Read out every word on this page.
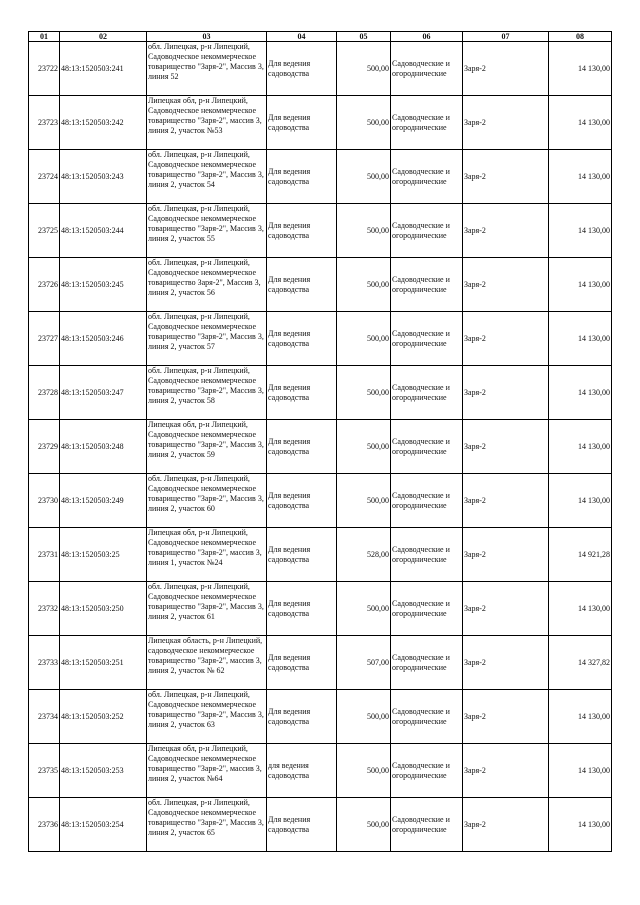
01	02	03	04	05	06	07	08
23722	48:13:1520503:241	обл. Липецкая, р-н Липецкий, Садоводческое некоммерческое товарищество "Заря-2", Массив 3, линия 52	Для ведения садоводства	500,00	Садоводческие и огороднические	Заря-2	14 130,00
23723	48:13:1520503:242	Липецкая обл, р-н Липецкий, Садоводческое некоммерческое товарищество "Заря-2", массив 3, линия 2, участок №53	Для ведения садоводства	500,00	Садоводческие и огороднические	Заря-2	14 130,00
23724	48:13:1520503:243	обл. Липецкая, р-н Липецкий, Садоводческое некоммерческое товарищество "Заря-2", Массив 3, линия 2, участок 54	Для ведения садоводства	500,00	Садоводческие и огороднические	Заря-2	14 130,00
23725	48:13:1520503:244	обл. Липецкая, р-н Липецкий, Садоводческое некоммерческое товарищество "Заря-2", Массив 3, линия 2, участок 55	Для ведения садоводства	500,00	Садоводческие и огороднические	Заря-2	14 130,00
23726	48:13:1520503:245	обл. Липецкая, р-н Липецкий, Садоводческое некоммерческое товарищество Заря-2", Массив 3, линия 2, участок 56	Для ведения садоводства	500,00	Садоводческие и огороднические	Заря-2	14 130,00
23727	48:13:1520503:246	обл. Липецкая, р-н Липецкий, Садоводческое некоммерческое товарищество "Заря-2", Массив 3, линия 2, участок 57	Для ведения садоводства	500,00	Садоводческие и огороднические	Заря-2	14 130,00
23728	48:13:1520503:247	обл. Липецкая, р-н Липецкий, Садоводческое некоммерческое товарищество "Заря-2", Массив 3, линия 2, участок 58	Для ведения садоводства	500,00	Садоводческие и огороднические	Заря-2	14 130,00
23729	48:13:1520503:248	Липецкая обл, р-н Липецкий, Садоводческое некоммерческое товарищество "Заря-2", Массив 3, линия 2, участок 59	Для ведения садоводства	500,00	Садоводческие и огороднические	Заря-2	14 130,00
23730	48:13:1520503:249	обл. Липецкая, р-н Липецкий, Садоводческое некоммерческое товарищество "Заря-2", Массив 3, линия 2, участок 60	Для ведения садоводства	500,00	Садоводческие и огороднические	Заря-2	14 130,00
23731	48:13:1520503:25	Липецкая обл, р-н Липецкий, Садоводческое некоммерческое товарищество "Заря-2", массив 3, линия 1, участок №24	Для ведения садоводства	528,00	Садоводческие и огороднические	Заря-2	14 921,28
23732	48:13:1520503:250	обл. Липецкая, р-н Липецкий, Садоводческое некоммерческое товарищество "Заря-2", Массив 3, линия 2, участок 61	Для ведения садоводства	500,00	Садоводческие и огороднические	Заря-2	14 130,00
23733	48:13:1520503:251	Липецкая область, р-н Липецкий, садоводческое некоммерческое товарищество "Заря-2", массив 3, линия 2, участок № 62	Для ведения садоводства	507,00	Садоводческие и огороднические	Заря-2	14 327,82
23734	48:13:1520503:252	обл. Липецкая, р-н Липецкий, Садоводческое некоммерческое товарищество "Заря-2", Массив 3, линия 2, участок 63	Для ведения садоводства	500,00	Садоводческие и огороднические	Заря-2	14 130,00
23735	48:13:1520503:253	Липецкая обл, р-н Липецкий, Садоводческое некоммерческое товарищество "Заря-2", массив 3, линия 2, участок №64	для ведения садоводства	500,00	Садоводческие и огороднические	Заря-2	14 130,00
23736	48:13:1520503:254	обл. Липецкая, р-н Липецкий, Садоводческое некоммерческое товарищество "Заря-2", Массив 3, линия 2, участок 65	Для ведения садоводства	500,00	Садоводческие и огороднические	Заря-2	14 130,00
